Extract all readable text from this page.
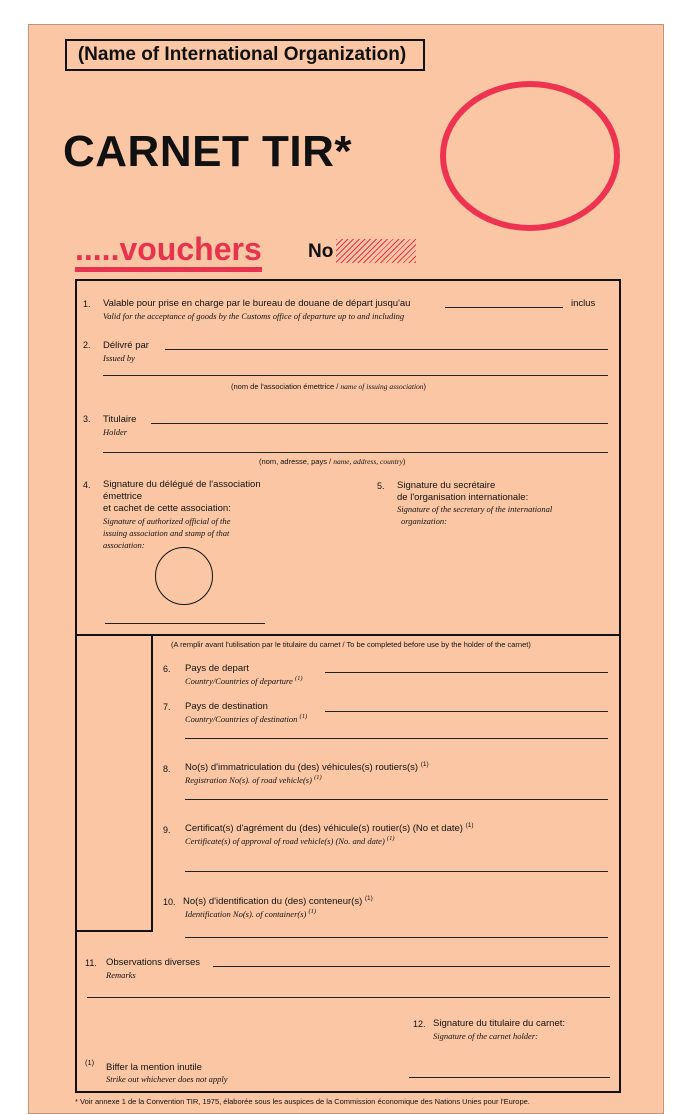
(Name of International Organization)
CARNET TIR*
.....vouchers No
1. Valable pour prise en charge par le bureau de douane de départ jusqu'au
Valid for the acceptance of goods by the Customs office of departure up to and including
inclus
2. Délivré par
Issued by
(nom de l'association émettrice / name of issuing association)
3. Titulaire
Holder
(nom, adresse, pays / name, address, country)
4. Signature du délégué de l'association
émettrice
et cachet de cette association:
Signature of authorized official of the
issuing association and stamp of that
association:
5. Signature du secrétaire
de l'organisation internationale:
Signature of the secretary of the international
organization:
(A remplir avant l'utilisation par le titulaire du carnet / To be completed before use by the holder of the carnet)
6. Pays de depart
Country/Countries of departure $^{(1)}$
7. Pays de destination
Country/Countries of destination $^{(1)}$
8. No(s) d'immatriculation du (des) véhicules(s) routiers(s) $^{(1)}$
Registration No(s). of road vehicle(s) $^{(1)}$
9. Certificat(s) d'agrément du (des) véhicule(s) routier(s) (No et date) $^{(1)}$
Certificate(s) of approval of road vehicle(s) (No. and date) $^{(1)}$
10. No(s) d'identification du (des) conteneur(s) $^{(1)}$
Identification No(s). of container(s) $^{(1)}$
11. Observations diverses
Remarks
12. Signature du titulaire du carnet:
Signature of the carnet holder:
(1) Biffer la mention inutile
Strike out whichever does not apply
* Voir annexe 1 de la Convention TIR, 1975, élaborée sous les auspices de la Commission économique des Nations Unies pour l'Europe.
